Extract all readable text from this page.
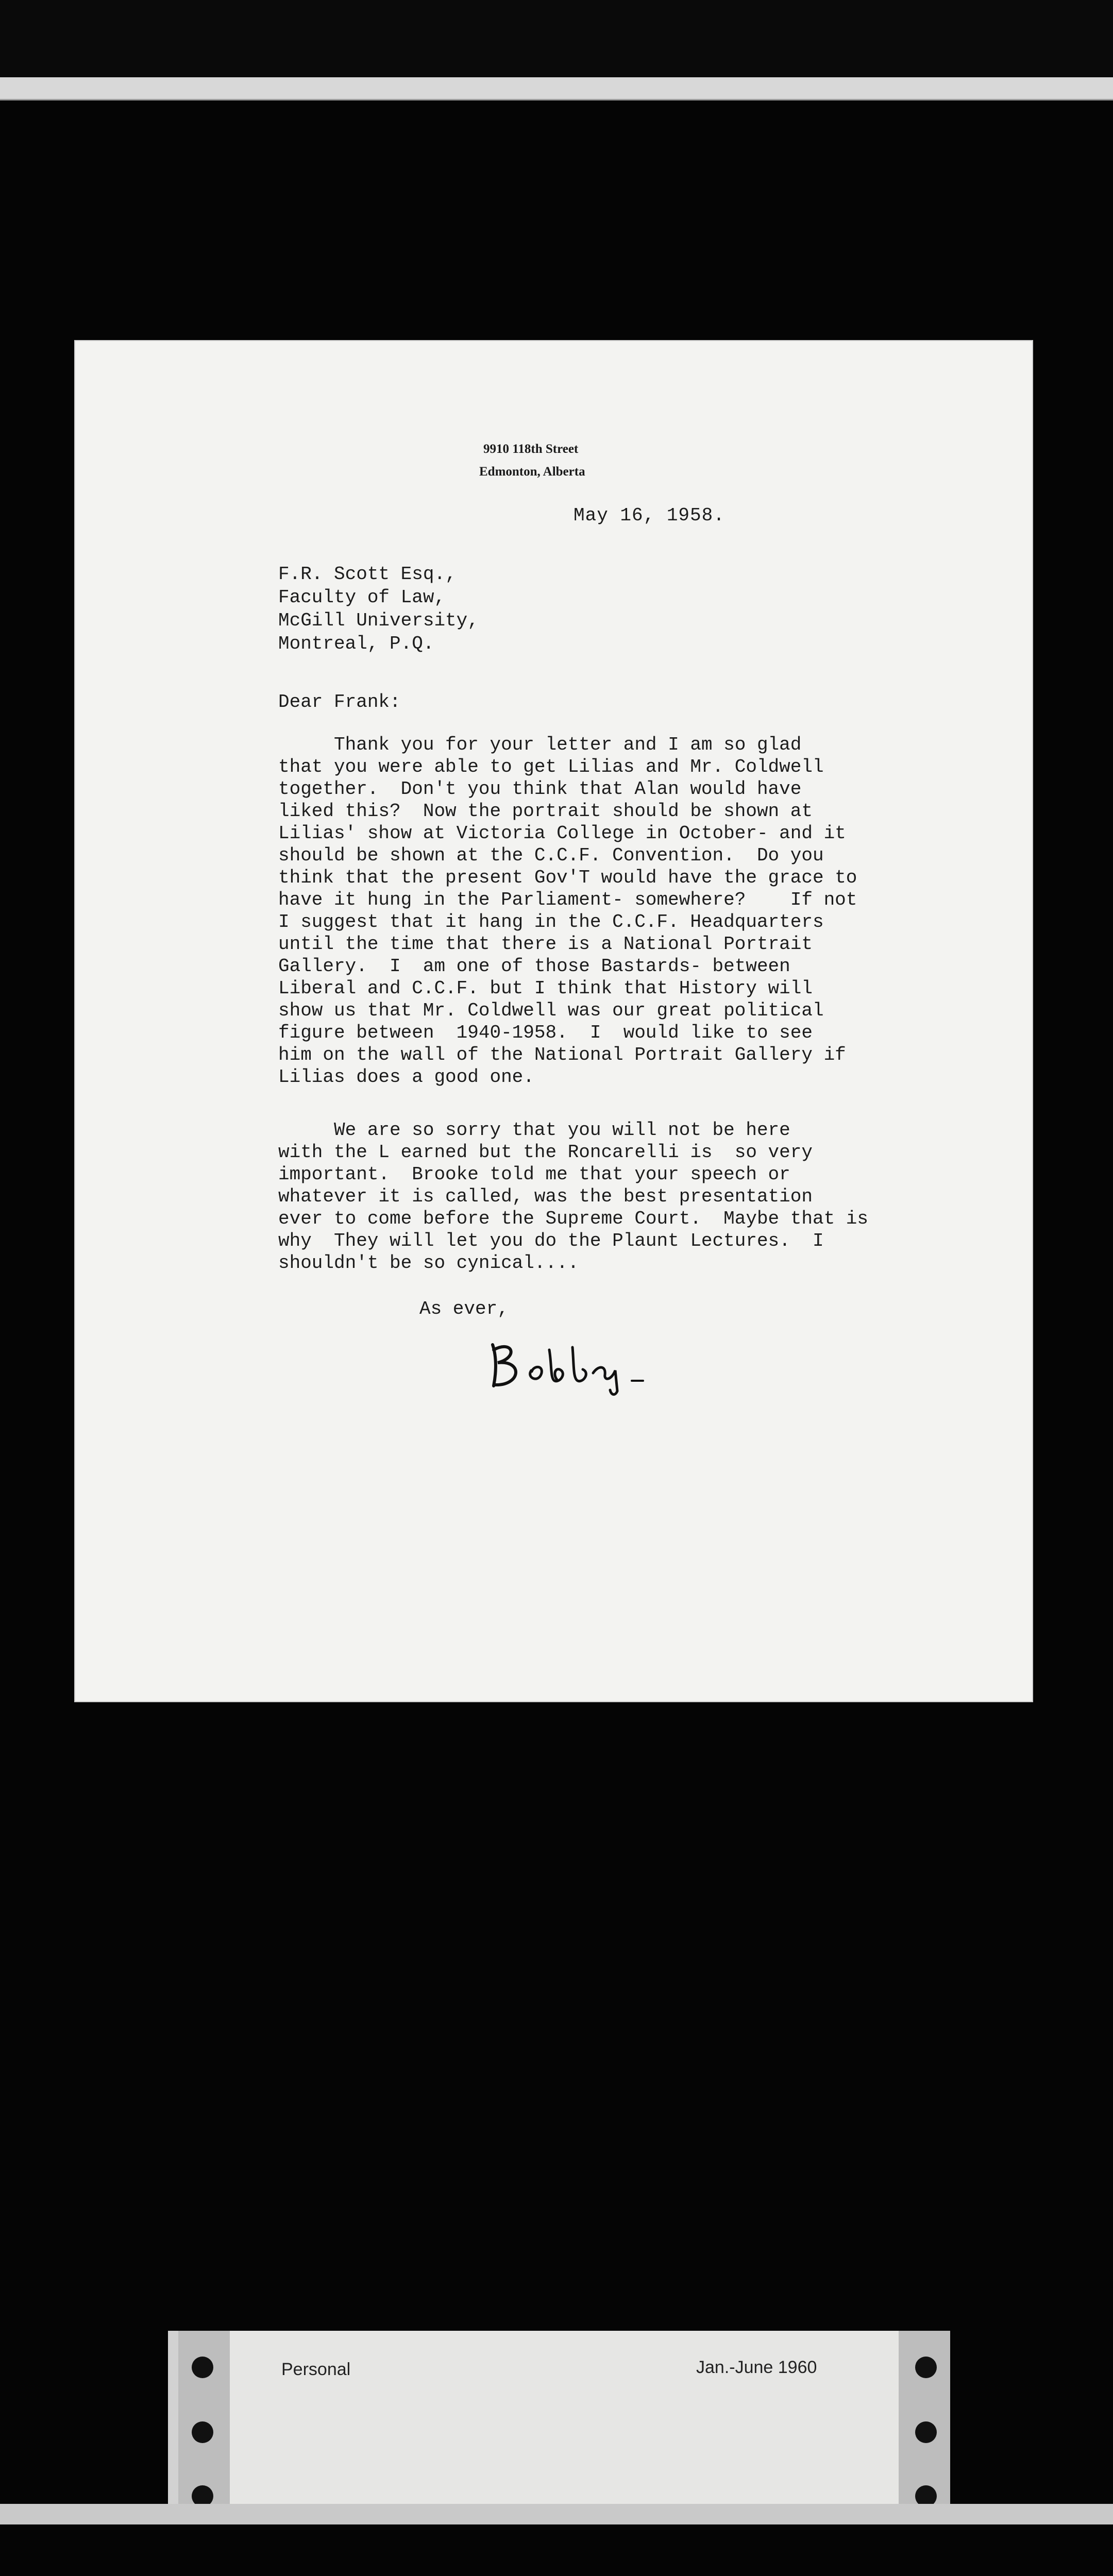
9910 118th Street
Edmonton, Alberta
May 16, 1958.
F.R. Scott Esq.,
Faculty of Law,
McGill University,
Montreal, P.Q.
Dear Frank:
Thank you for your letter and I am so glad
that you were able to get Lilias and Mr. Coldwell
together.  Don't you think that Alan would have
liked this?  Now the portrait should be shown at
Lilias' show at Victoria College in October- and it
should be shown at the C.C.F. Convention.  Do you
think that the present Gov'T would have the grace to
have it hung in the Parliament- somewhere?    If not
I suggest that it hang in the C.C.F. Headquarters
until the time that there is a National Portrait
Gallery.  I  am one of those Bastards- between
Liberal and C.C.F. but I think that History will
show us that Mr. Coldwell was our great political
figure between  1940-1958.  I  would like to see
him on the wall of the National Portrait Gallery if
Lilias does a good one.
We are so sorry that you will not be here
with the L earned but the Roncarelli is  so very
important.  Brooke told me that your speech or
whatever it is called, was the best presentation
ever to come before the Supreme Court.  Maybe that is
why  They will let you do the Plaunt Lectures.  I
shouldn't be so cynical....
As ever,
Personal	Jan.-June 1960
